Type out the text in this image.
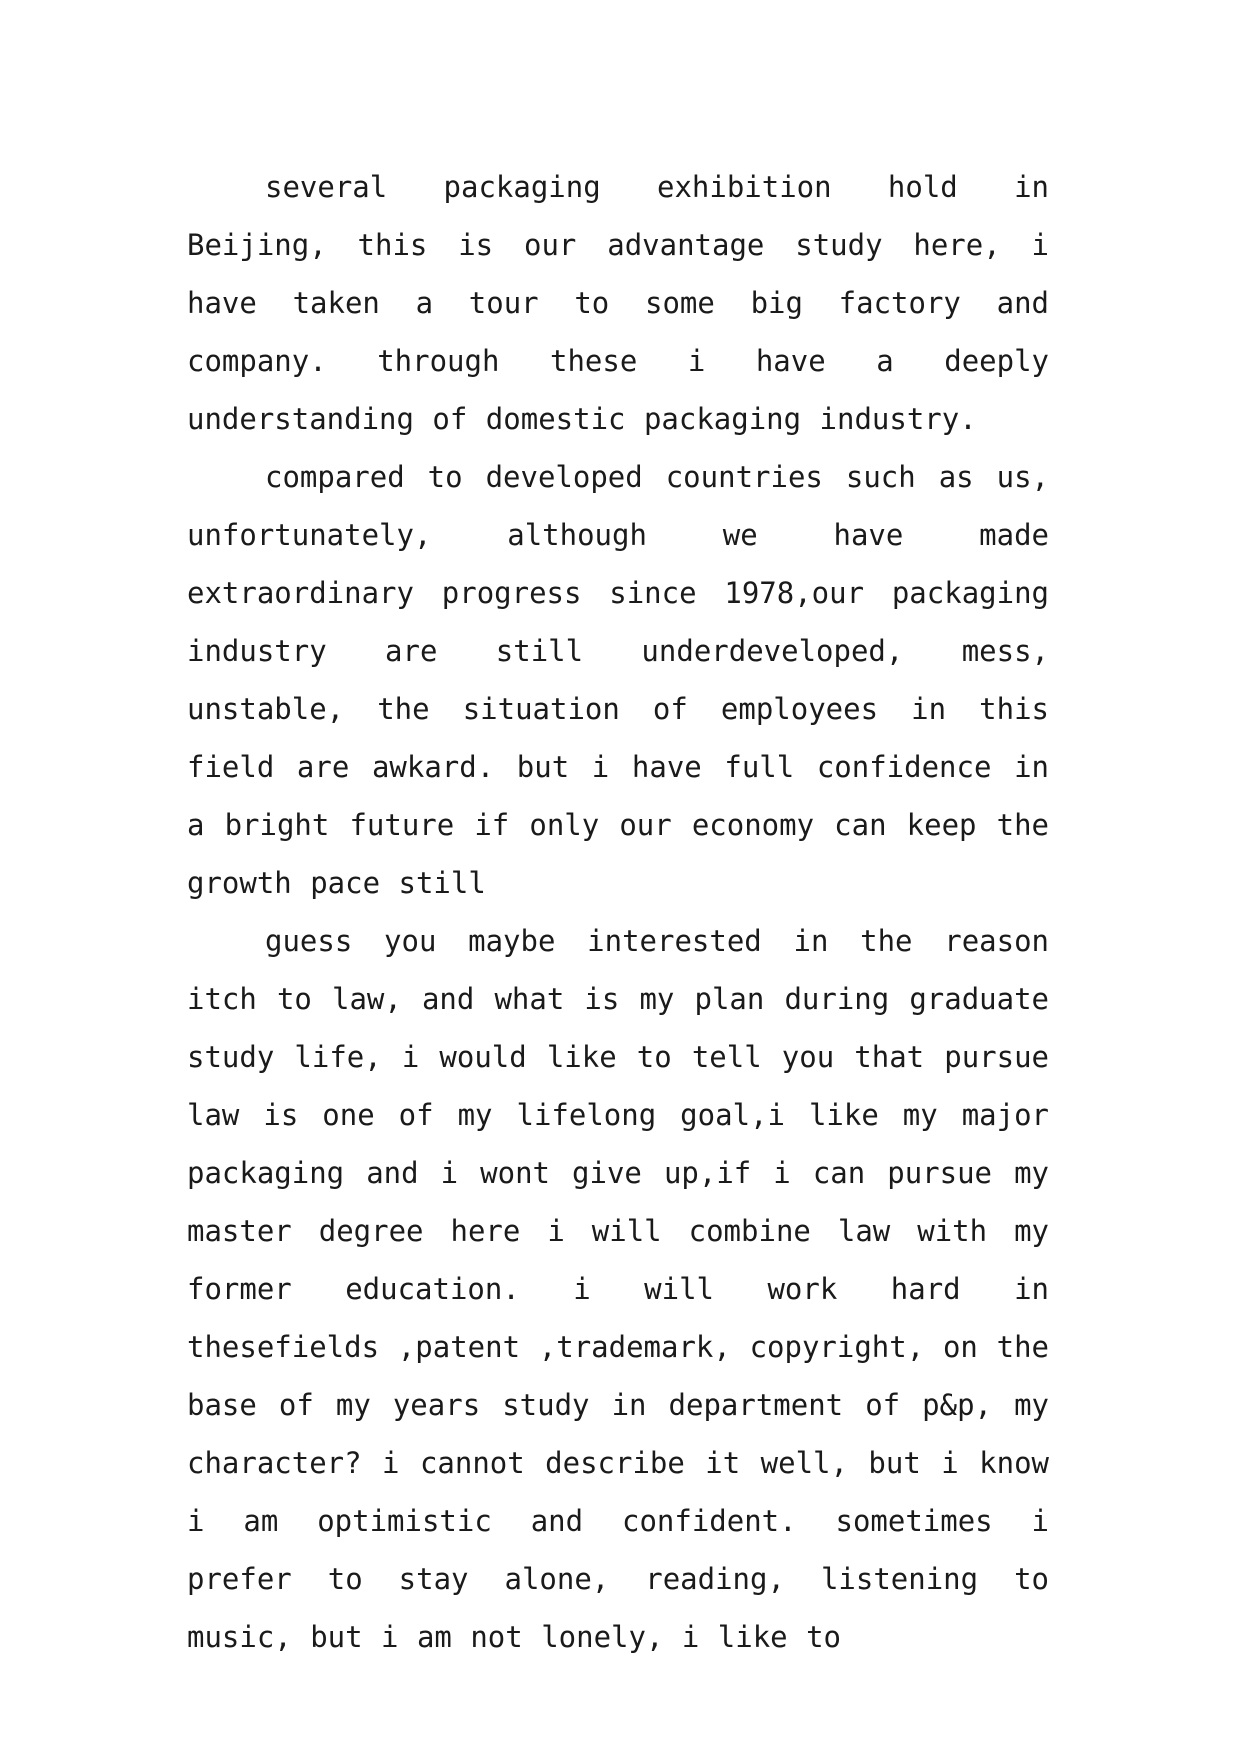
several packaging exhibition hold in Beijing, this is our advantage study here, i have taken a tour to some big factory and company. through these i have a deeply understanding of domestic packaging industry.

compared to developed countries such as us, unfortunately, although we have made extraordinary progress since 1978,our packaging industry are still underdeveloped, mess, unstable, the situation of employees in this field are awkard. but i have full confidence in a bright future if only our economy can keep the growth pace still

guess you maybe interested in the reason itch to law, and what is my plan during graduate study life, i would like to tell you that pursue law is one of my lifelong goal,i like my major packaging and i wont give up,if i can pursue my master degree here i will combine law with my former education. i will work hard in thesefields ,patent ,trademark, copyright, on the base of my years study in department of p&p, my character? i cannot describe it well, but i know i am optimistic and confident. sometimes i prefer to stay alone, reading, listening to music, but i am not lonely, i like to
